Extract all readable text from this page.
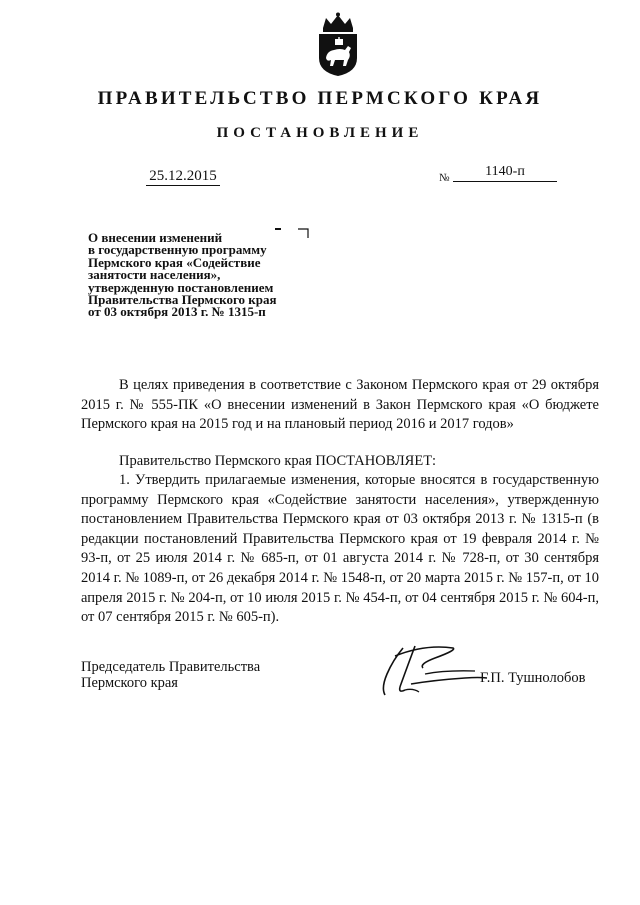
ПРАВИТЕЛЬСТВО ПЕРМСКОГО КРАЯ
ПОСТАНОВЛЕНИЕ
25.12.2015	№	1140-п
О внесении изменений
в государственную программу
Пермского края «Содействие
занятости населения»,
утвержденную постановлением
Правительства Пермского края
от 03 октября 2013 г. № 1315-п
В целях приведения в соответствие с Законом Пермского края от 29 октября 2015 г. № 555-ПК «О внесении изменений в Закон Пермского края «О бюджете Пермского края на 2015 год и на плановый период 2016 и 2017 годов»
Правительство Пермского края ПОСТАНОВЛЯЕТ:
1. Утвердить прилагаемые изменения, которые вносятся в государственную программу Пермского края «Содействие занятости населения», утвержденную постановлением Правительства Пермского края от 03 октября 2013 г. № 1315-п (в редакции постановлений Правительства Пермского края от 19 февраля 2014 г. № 93-п, от 25 июля 2014 г. № 685-п, от 01 августа 2014 г. № 728-п, от 30 сентября 2014 г. № 1089-п, от 26 декабря 2014 г. № 1548-п, от 20 марта 2015 г. № 157-п, от 10 апреля 2015 г. № 204-п, от 10 июля 2015 г. № 454-п, от 04 сентября 2015 г. № 604-п, от 07 сентября 2015 г. № 605-п).
Председатель Правительства
Пермского края	Г.П. Тушнолобов
